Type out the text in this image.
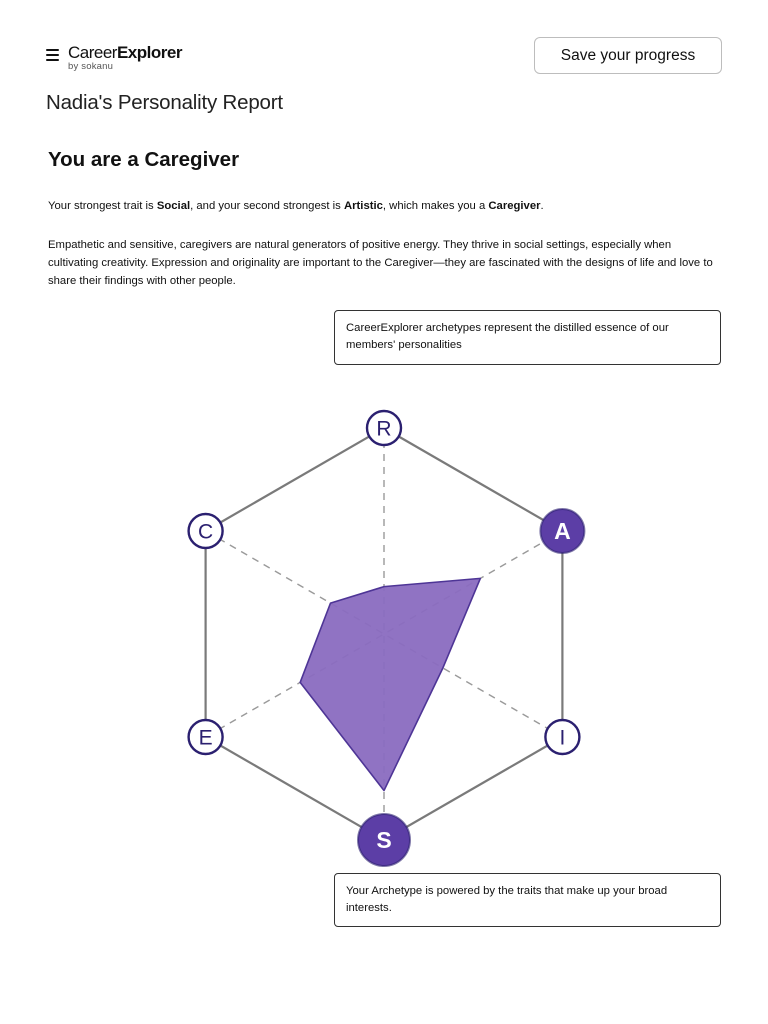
CareerExplorer
by sokanu
Save your progress
Nadia's Personality Report
You are a Caregiver

Your strongest trait is Social, and your second strongest is Artistic, which makes you a Caregiver.

Empathetic and sensitive, caregivers are natural generators of positive energy. They thrive in social settings, especially when cultivating creativity. Expression and originality are important to the Caregiver—they are fascinated with the designs of life and love to share their findings with other people.

CareerExplorer archetypes represent the distilled essence of our members' personalities
R
A
I
S
E
C
Your Archetype is powered by the traits that make up your broad interests.
